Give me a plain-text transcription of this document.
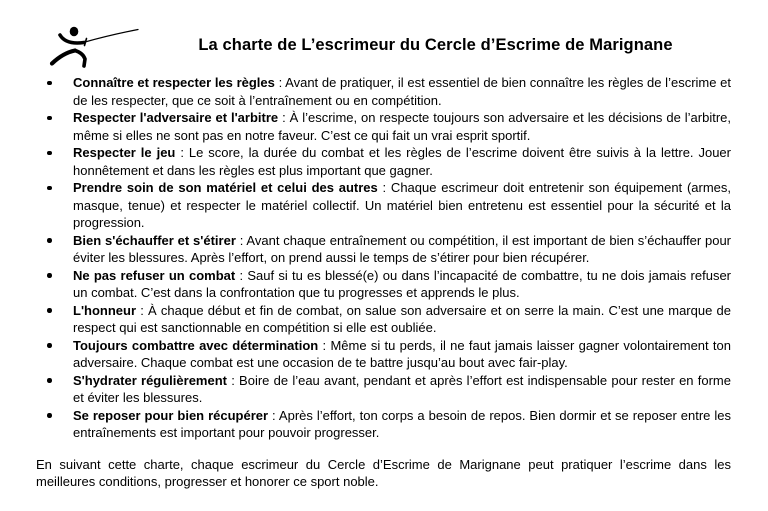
La charte de L’escrimeur du Cercle d’Escrime de Marignane
Connaître et respecter les règles : Avant de pratiquer, il est essentiel de bien connaître les règles de l’escrime et de les respecter, que ce soit à l’entraînement ou en compétition.
Respecter l'adversaire et l'arbitre : À l’escrime, on respecte toujours son adversaire et les décisions de l’arbitre, même si elles ne sont pas en notre faveur. C’est ce qui fait un vrai esprit sportif.
Respecter le jeu : Le score, la durée du combat et les règles de l’escrime doivent être suivis à la lettre. Jouer honnêtement et dans les règles est plus important que gagner.
Prendre soin de son matériel et celui des autres : Chaque escrimeur doit entretenir son équipement (armes, masque, tenue) et respecter le matériel collectif. Un matériel bien entretenu est essentiel pour la sécurité et la progression.
Bien s'échauffer et s'étirer : Avant chaque entraînement ou compétition, il est important de bien s’échauffer pour éviter les blessures. Après l’effort, on prend aussi le temps de s’étirer pour bien récupérer.
Ne pas refuser un combat : Sauf si tu es blessé(e) ou dans l’incapacité de combattre, tu ne dois jamais refuser un combat. C’est dans la confrontation que tu progresses et apprends le plus.
L'honneur : À chaque début et fin de combat, on salue son adversaire et on serre la main. C’est une marque de respect qui est sanctionnable en compétition si elle est oubliée.
Toujours combattre avec détermination : Même si tu perds, il ne faut jamais laisser gagner volontairement ton adversaire. Chaque combat est une occasion de te battre jusqu’au bout avec fair-play.
S'hydrater régulièrement : Boire de l’eau avant, pendant et après l’effort est indispensable pour rester en forme et éviter les blessures.
Se reposer pour bien récupérer : Après l’effort, ton corps a besoin de repos. Bien dormir et se reposer entre les entraînements est important pour pouvoir progresser.

En suivant cette charte, chaque escrimeur du Cercle d’Escrime de Marignane peut pratiquer l’escrime dans les meilleures conditions, progresser et honorer ce sport noble.
